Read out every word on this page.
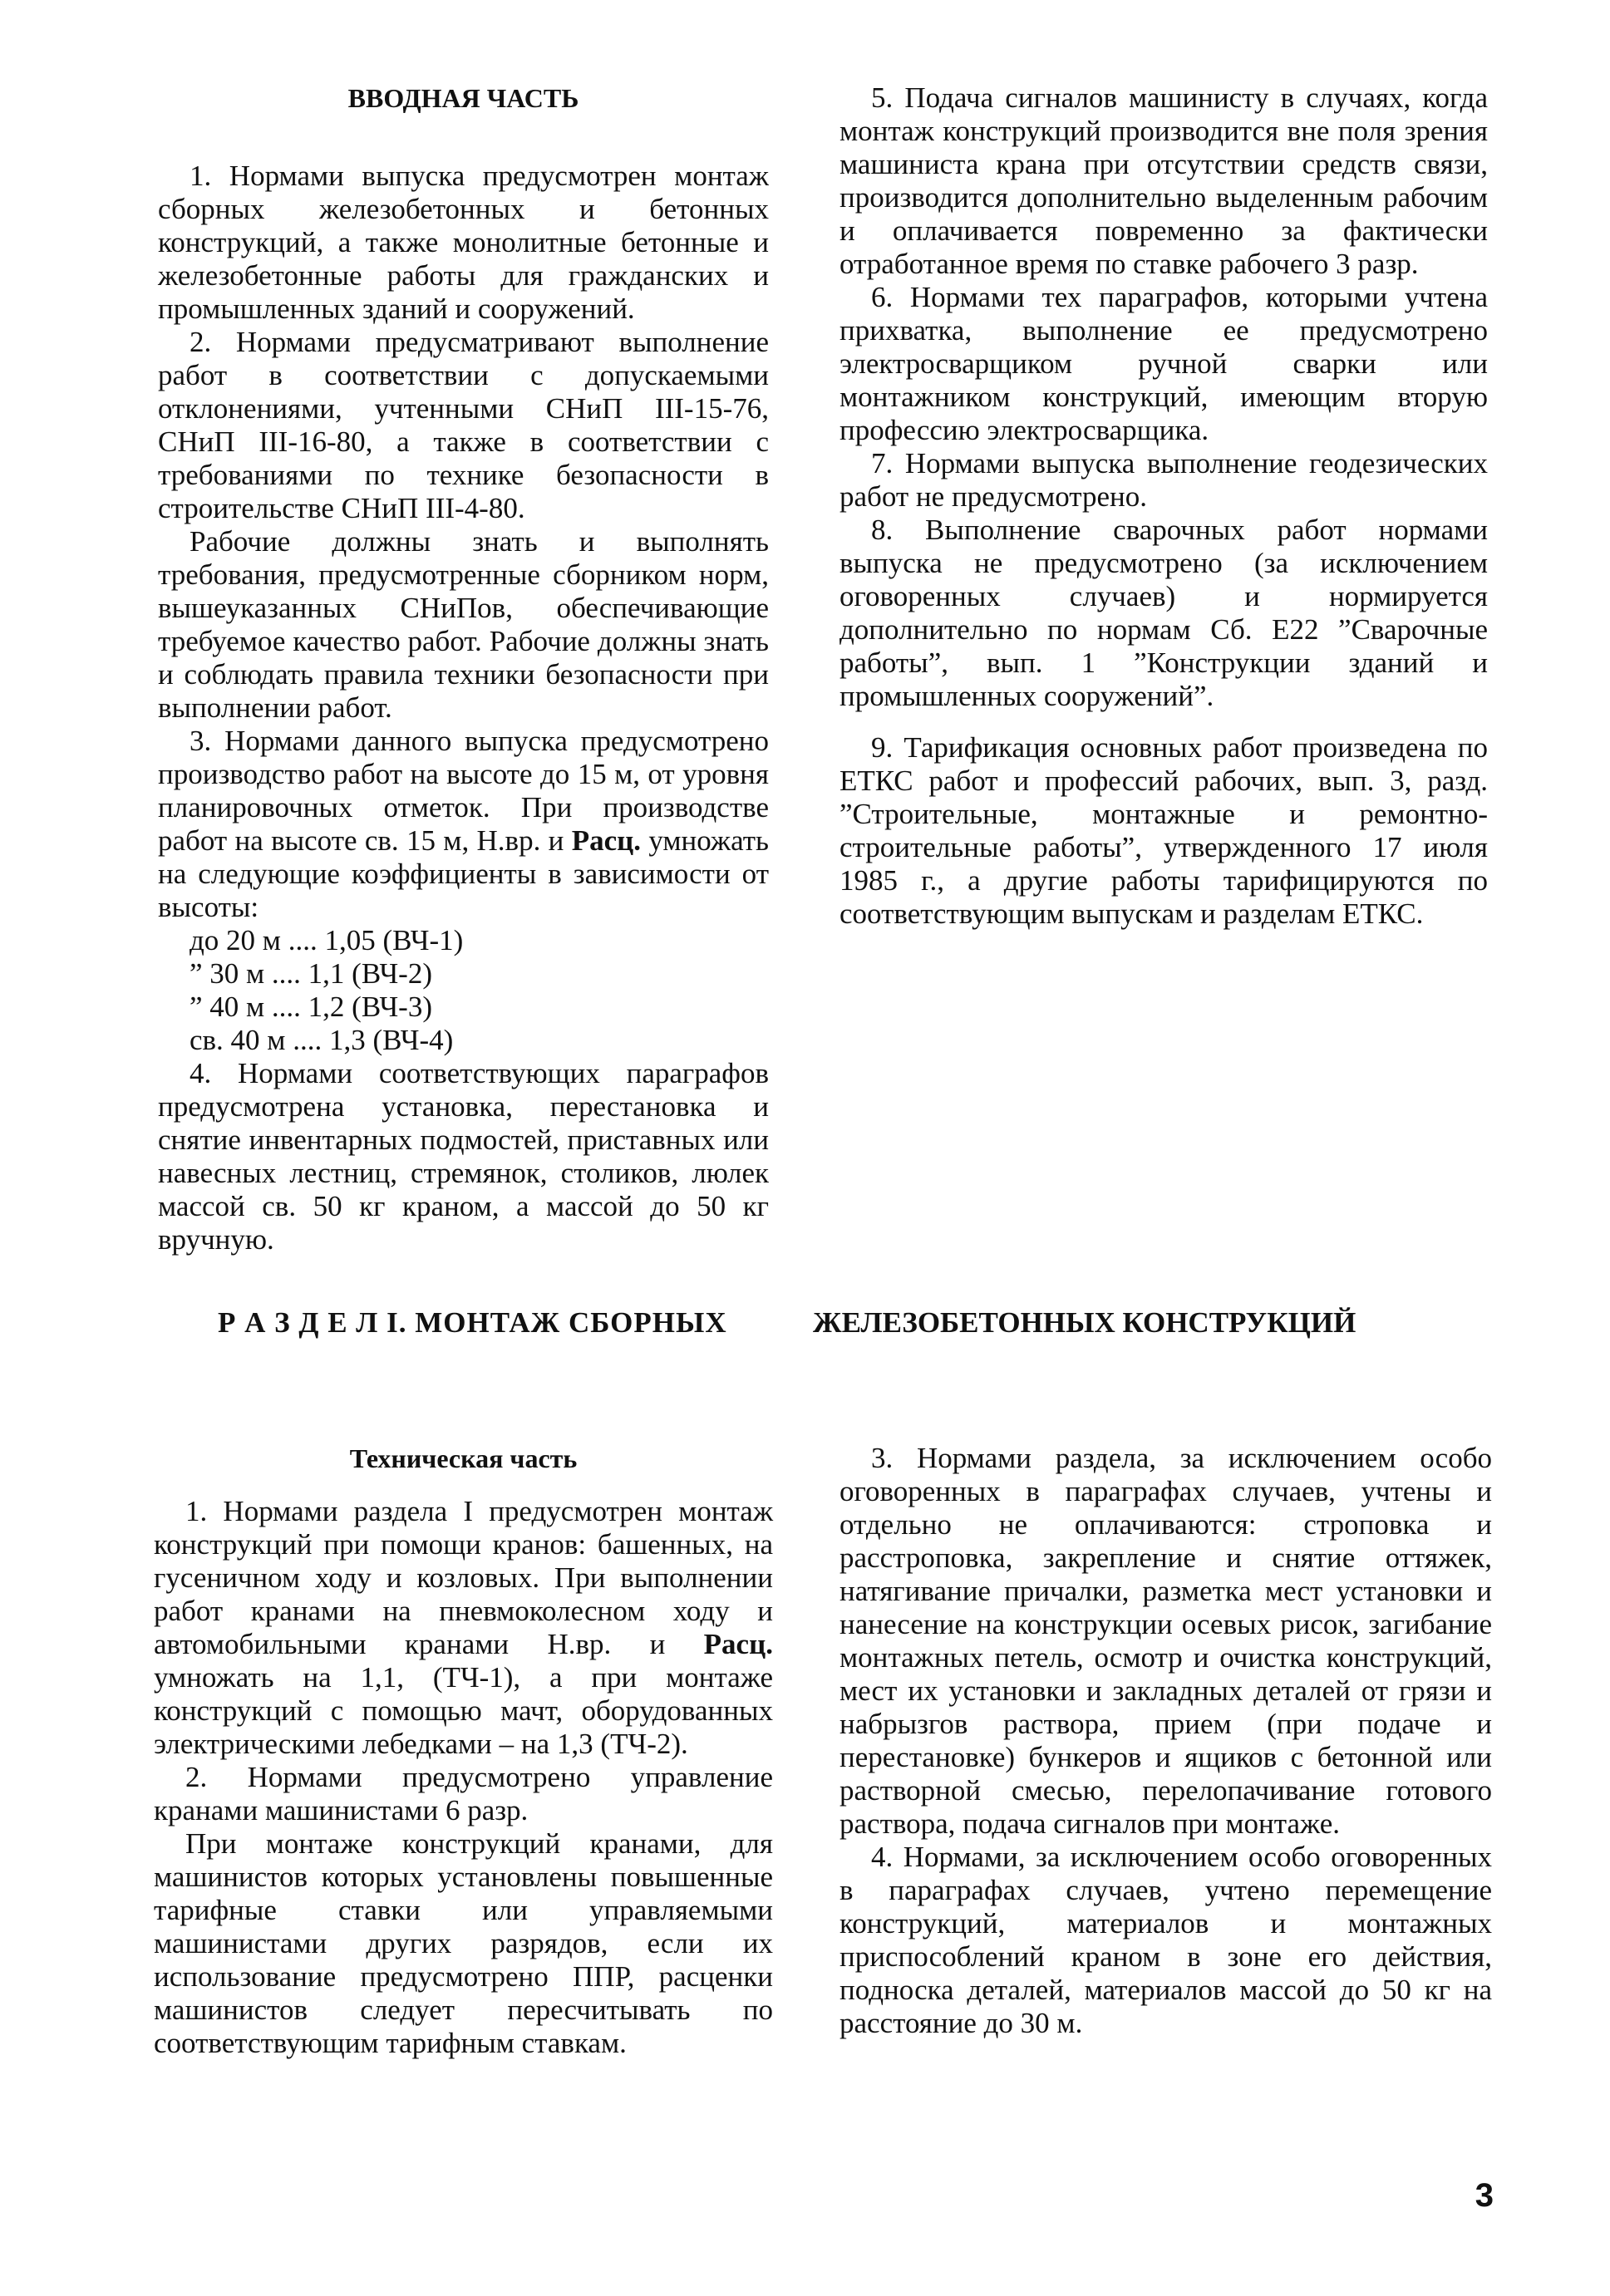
ВВОДНАЯ ЧАСТЬ

1. Нормами выпуска предусмотрен монтаж сборных железобетонных и бетонных конструкций, а также монолитные бетонные и железобетонные работы для гражданских и промышленных зданий и сооружений.

2. Нормами предусматривают выполнение работ в соответствии с допускаемыми отклонениями, учтенными СНиП III-15-76, СНиП III-16-80, а также в соответствии с требованиями по технике безопасности в строительстве СНиП III-4-80.

Рабочие должны знать и выполнять требования, предусмотренные сборником норм, вышеуказанных СНиПов, обеспечивающие требуемое качество работ. Рабочие должны знать и соблюдать правила техники безопасности при выполнении работ.

3. Нормами данного выпуска предусмотрено производство работ на высоте до 15 м, от уровня планировочных отметок. При производстве работ на высоте св. 15 м, Н.вр. и Расц. умножать на следующие коэффициенты в зависимости от высоты:

до 20 м .... 1,05 (ВЧ-1)

” 30 м .... 1,1 (ВЧ-2)

” 40 м .... 1,2 (ВЧ-3)

св. 40 м .... 1,3 (ВЧ-4)

4. Нормами соответствующих параграфов предусмотрена установка, перестановка и снятие инвентарных подмостей, приставных или навесных лестниц, стремянок, столиков, люлек массой св. 50 кг краном, а массой до 50 кг вручную.

5. Подача сигналов машинисту в случаях, когда монтаж конструкций производится вне поля зрения машиниста крана при отсутствии средств связи, производится дополнительно выделенным рабочим и оплачивается повременно за фактически отработанное время по ставке рабочего 3 разр.

6. Нормами тех параграфов, которыми учтена прихватка, выполнение ее предусмотрено электросварщиком ручной сварки или монтажником конструкций, имеющим вторую профессию электросварщика.

7. Нормами выпуска выполнение геодезических работ не предусмотрено.

8. Выполнение сварочных работ нормами выпуска не предусмотрено (за исключением оговоренных случаев) и нормируется дополнительно по нормам Сб. Е22 ”Сварочные работы”, вып. 1 ”Конструкции зданий и промышленных сооружений”.

9. Тарификация основных работ произведена по ЕТКС работ и профессий рабочих, вып. 3, разд. ”Строительные, монтажные и ремонтно-строительные работы”, утвержденного 17 июля 1985 г., а другие работы тарифицируются по соответствующим выпускам и разделам ЕТКС.

Р А З Д Е Л I. МОНТАЖ СБОРНЫХ	ЖЕЛЕЗОБЕТОННЫХ КОНСТРУКЦИЙ
Техническая часть

1. Нормами раздела I предусмотрен монтаж конструкций при помощи кранов: башенных, на гусеничном ходу и козловых. При выполнении работ кранами на пневмоколесном ходу и автомобильными кранами Н.вр. и Расц. умножать на 1,1, (ТЧ-1), а при монтаже конструкций с помощью мачт, оборудованных электрическими лебедками – на 1,3 (ТЧ-2).

2. Нормами предусмотрено управление кранами машинистами 6 разр.

При монтаже конструкций кранами, для машинистов которых установлены повышенные тарифные ставки или управляемыми машинистами других разрядов, если их использование предусмотрено ППР, расценки машинистов следует пересчитывать по соответствующим тарифным ставкам.

3. Нормами раздела, за исключением особо оговоренных в параграфах случаев, учтены и отдельно не оплачиваются: строповка и расстроповка, закрепление и снятие оттяжек, натягивание причалки, разметка мест установки и нанесение на конструкции осевых рисок, загибание монтажных петель, осмотр и очистка конструкций, мест их установки и закладных деталей от грязи и набрызгов раствора, прием (при подаче и перестановке) бункеров и ящиков с бетонной или растворной смесью, перелопачивание готового раствора, подача сигналов при монтаже.

4. Нормами, за исключением особо оговоренных в параграфах случаев, учтено перемещение конструкций, материалов и монтажных приспособлений краном в зоне его действия, подноска деталей, материалов массой до 50 кг на расстояние до 30 м.

3
